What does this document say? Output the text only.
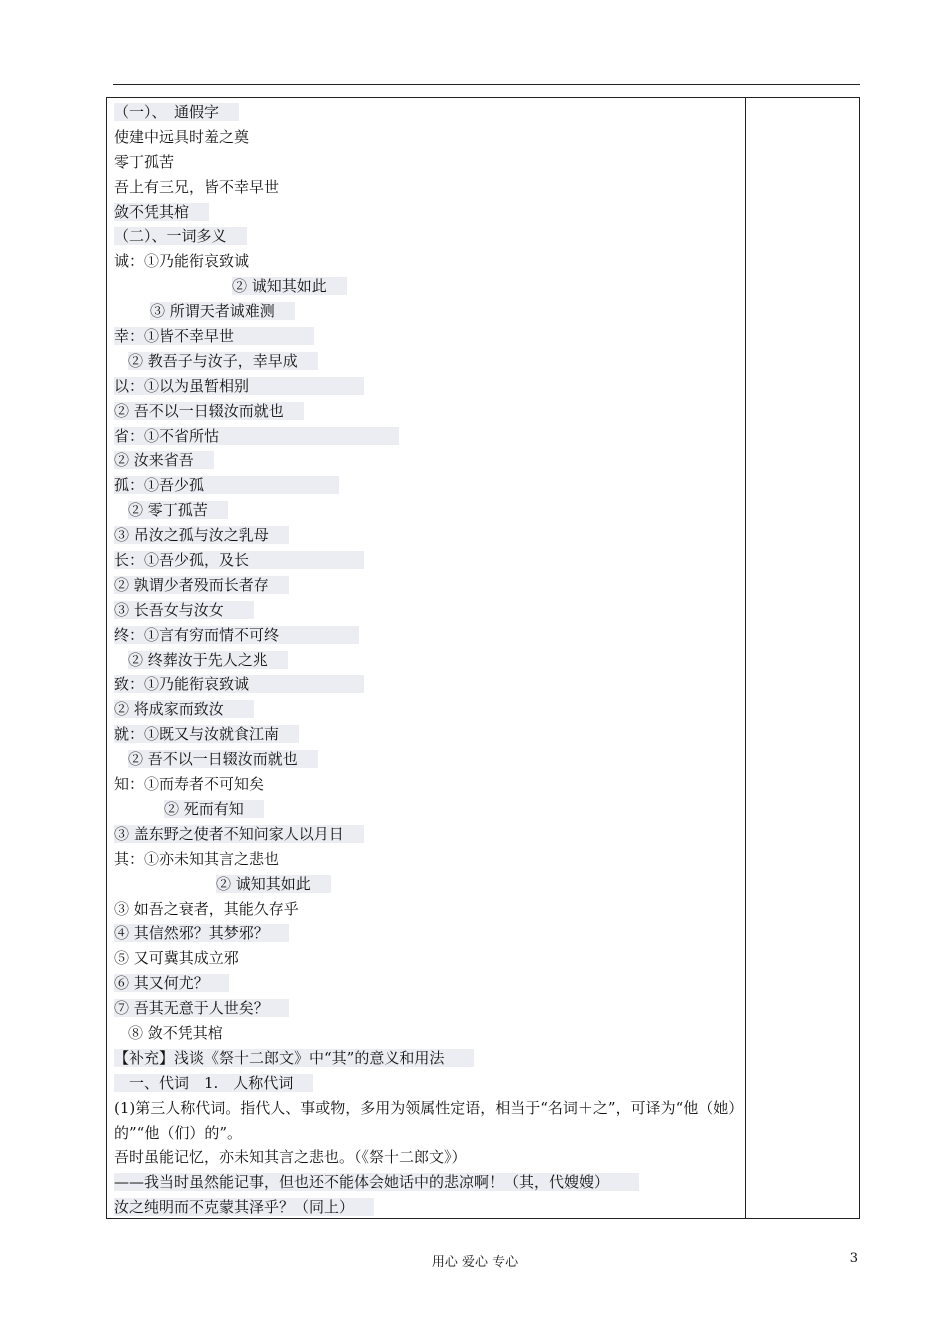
（一）、　通假字
使建中远具时羞之奠
零丁孤苦
吾上有三兄，皆不幸早世
敛不凭其棺
（二）、一词多义
诚：①乃能衔哀致诚
② 诚知其如此
③ 所谓天者诚难测
幸：①皆不幸早世
② 教吾子与汝子，幸早成
以：①以为虽暂相别
② 吾不以一日辍汝而就也
省：①不省所怙
② 汝来省吾
孤：①吾少孤
② 零丁孤苦
③ 吊汝之孤与汝之乳母
长：①吾少孤，及长
② 孰谓少者殁而长者存
③ 长吾女与汝女
终：①言有穷而情不可终
② 终葬汝于先人之兆
致：①乃能衔哀致诚
② 将成家而致汝
就：①既又与汝就食江南
② 吾不以一日辍汝而就也
知：①而寿者不可知矣
② 死而有知
③ 盖东野之使者不知问家人以月日
其：①亦未知其言之悲也
② 诚知其如此
③ 如吾之衰者，其能久存乎
④ 其信然邪？其梦邪？
⑤ 又可冀其成立邪
⑥ 其又何尤？
⑦ 吾其无意于人世矣？
⑧ 敛不凭其棺
【补充】浅谈《祭十二郎文》中“其”的意义和用法
　一、代词　1.　人称代词
(1)第三人称代词。指代人、事或物，多用为领属性定语，相当于“名词＋之”，可译为“他（她）的”“他（们）的”。
吾时虽能记忆，亦未知其言之悲也。（《祭十二郎文》）
——我当时虽然能记事，但也还不能体会她话中的悲凉啊！（其，代嫂嫂）
汝之纯明而不克蒙其泽乎？（同上）
用心 爱心 专心	3
